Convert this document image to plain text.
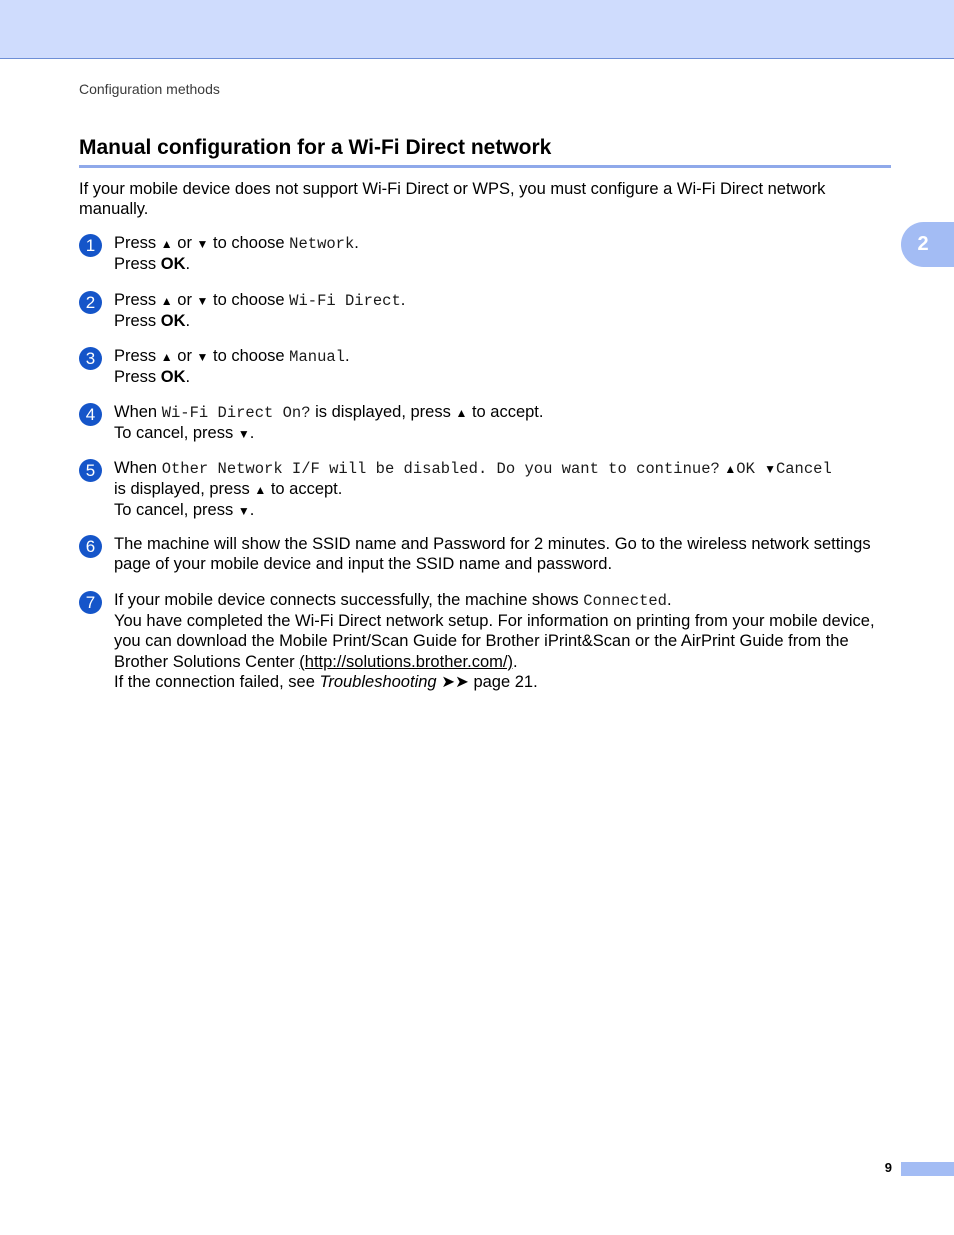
Configuration methods
Manual configuration for a Wi-Fi Direct network
If your mobile device does not support Wi-Fi Direct or WPS, you must configure a Wi-Fi Direct network manually.
2
1	Press ▲ or ▼ to choose Network.
Press OK.
2	Press ▲ or ▼ to choose Wi-Fi Direct.
Press OK.
3	Press ▲ or ▼ to choose Manual.
Press OK.
4	When Wi-Fi Direct On? is displayed, press ▲ to accept.
To cancel, press ▼.
5	When Other Network I/F will be disabled. Do you want to continue? ▲OK ▼Cancel
is displayed, press ▲ to accept.
To cancel, press ▼.
6	The machine will show the SSID name and Password for 2 minutes. Go to the wireless network settings page of your mobile device and input the SSID name and password.
7	If your mobile device connects successfully, the machine shows Connected.
You have completed the Wi-Fi Direct network setup. For information on printing from your mobile device, you can download the Mobile Print/Scan Guide for Brother iPrint&Scan or the AirPrint Guide from the Brother Solutions Center (http://solutions.brother.com/).
If the connection failed, see Troubleshooting ➤➤ page 21.
9
